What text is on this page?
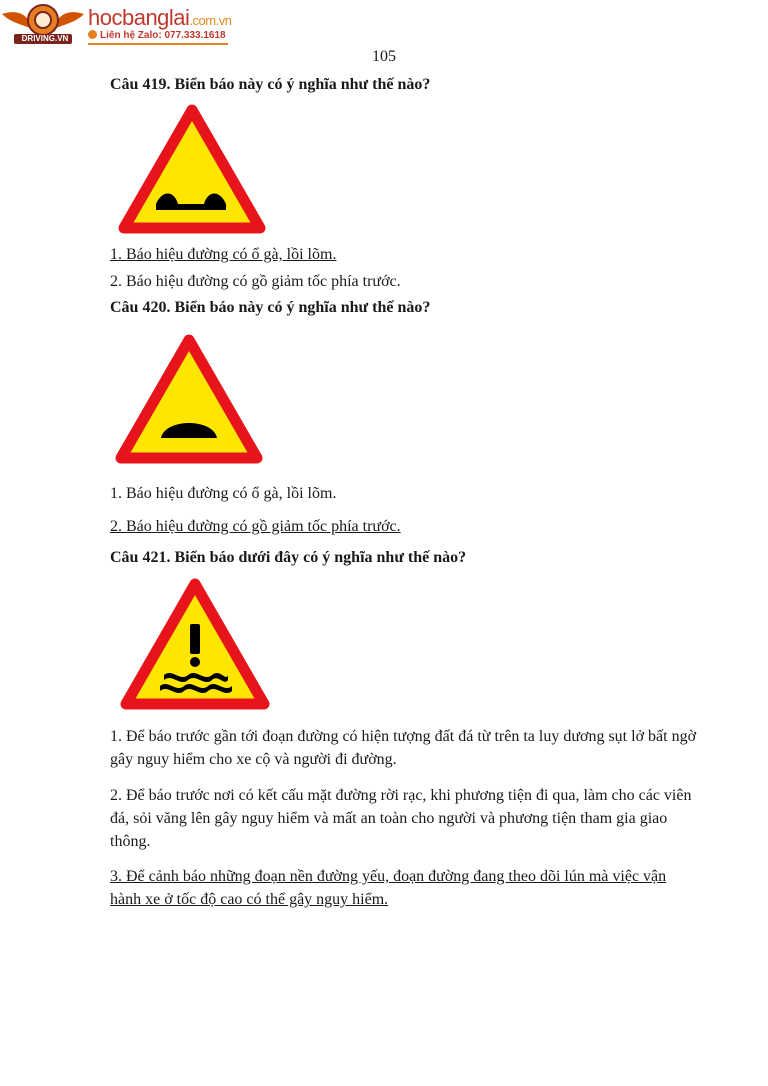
DRIVING.VN
hocbanglai.com.vn
Liên hệ Zalo: 077.333.1618
105
Câu 419. Biển báo này có ý nghĩa như thế nào?
1. Báo hiệu đường có ổ gà, lồi lõm.
2. Báo hiệu đường có gồ giảm tốc phía trước.
Câu 420. Biển báo này có ý nghĩa như thế nào?
1. Báo hiệu đường có ổ gà, lồi lõm.
2. Báo hiệu đường có gồ giảm tốc phía trước.
Câu 421. Biển báo dưới đây có ý nghĩa như thế nào?
1. Để báo trước gần tới đoạn đường có hiện tượng đất đá từ trên ta luy dương sụt lở bất ngờ gây nguy hiểm cho xe cộ và người đi đường.
2. Để báo trước nơi có kết cấu mặt đường rời rạc, khi phương tiện đi qua, làm cho các viên đá, sỏi văng lên gây nguy hiểm và mất an toàn cho người và phương tiện tham gia giao thông.
3. Để cảnh báo những đoạn nền đường yếu, đoạn đường đang theo dõi lún mà việc vận hành xe ở tốc độ cao có thể gây nguy hiểm.
